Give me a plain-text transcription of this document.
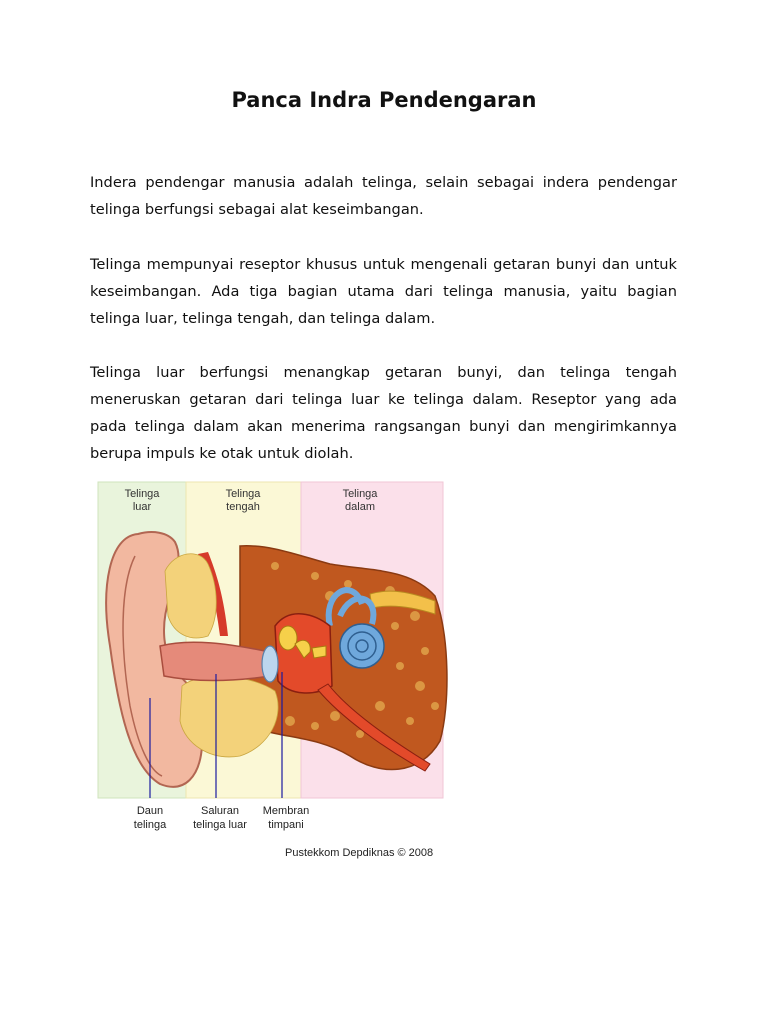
Panca Indra Pendengaran

Indera pendengar manusia adalah telinga, selain sebagai indera pendengar telinga berfungsi sebagai alat keseimbangan.

Telinga mempunyai reseptor khusus untuk mengenali getaran bunyi dan untuk keseimbangan. Ada tiga bagian utama dari telinga manusia, yaitu bagian telinga luar, telinga tengah, dan telinga dalam.

Telinga luar berfungsi menangkap getaran bunyi, dan telinga tengah meneruskan getaran dari telinga luar ke telinga dalam. Reseptor yang ada pada telinga dalam akan menerima rangsangan bunyi dan mengirimkannya berupa impuls ke otak untuk diolah.

Telinga
luar
Telinga
tengah
Telinga
dalam
Daun
telinga
Saluran
telinga luar
Membran
timpani
Pustekkom Depdiknas © 2008
